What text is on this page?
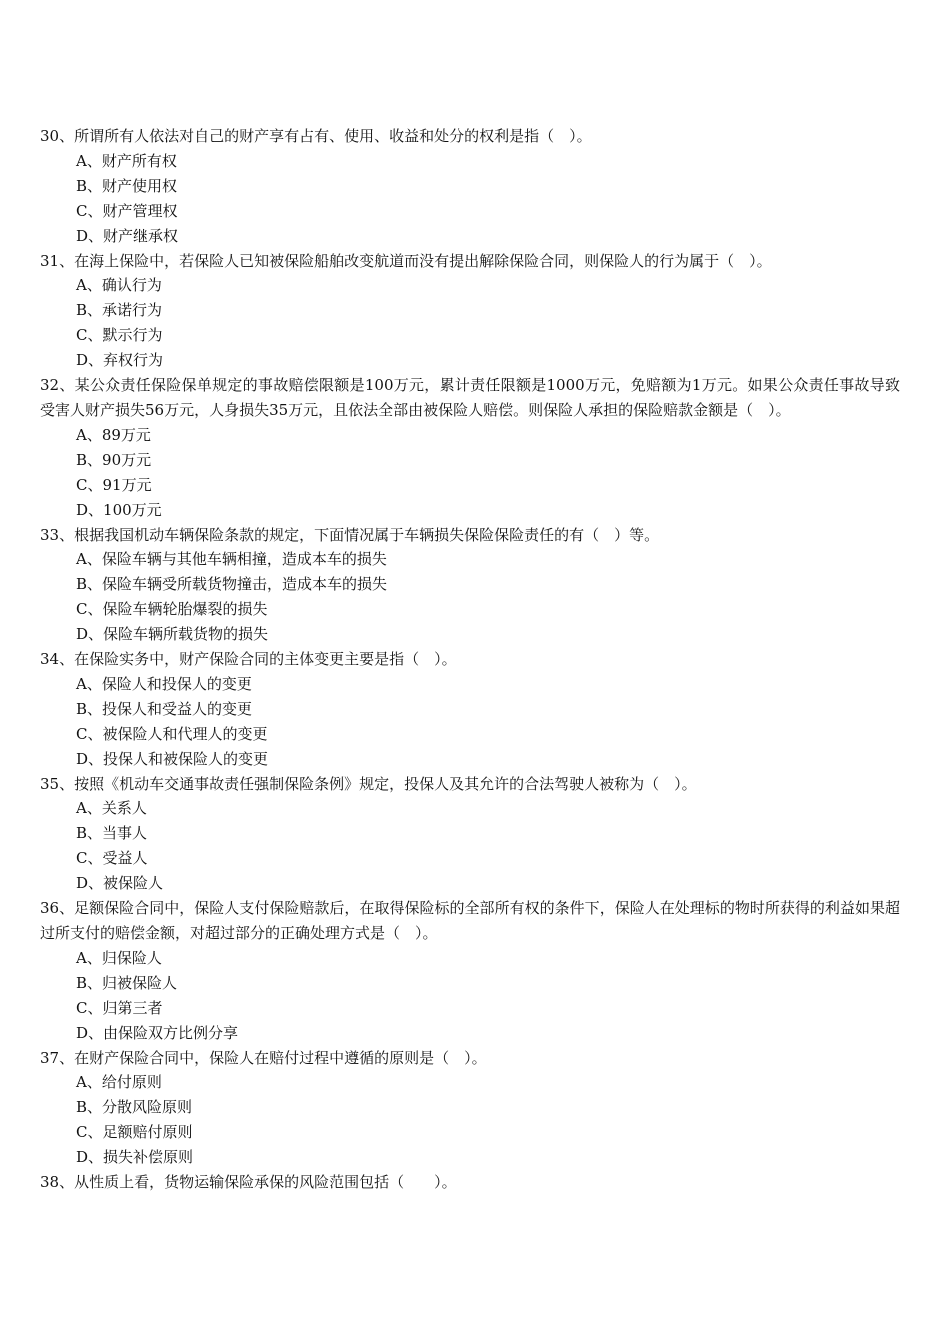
30、所谓所有人依法对自己的财产享有占有、使用、收益和处分的权利是指（　）。

A、财产所有权

B、财产使用权

C、财产管理权

D、财产继承权

31、在海上保险中，若保险人已知被保险船舶改变航道而没有提出解除保险合同，则保险人的行为属于（　）。

A、确认行为

B、承诺行为

C、默示行为

D、弃权行为

32、某公众责任保险保单规定的事故赔偿限额是100万元，累计责任限额是1000万元，免赔额为1万元。如果公众责任事故导致受害人财产损失56万元，人身损失35万元，且依法全部由被保险人赔偿。则保险人承担的保险赔款金额是（　）。

A、89万元

B、90万元

C、91万元

D、100万元

33、根据我国机动车辆保险条款的规定，下面情况属于车辆损失保险保险责任的有（　）等。

A、保险车辆与其他车辆相撞，造成本车的损失

B、保险车辆受所载货物撞击，造成本车的损失

C、保险车辆轮胎爆裂的损失

D、保险车辆所载货物的损失

34、在保险实务中，财产保险合同的主体变更主要是指（　）。

A、保险人和投保人的变更

B、投保人和受益人的变更

C、被保险人和代理人的变更

D、投保人和被保险人的变更

35、按照《机动车交通事故责任强制保险条例》规定，投保人及其允许的合法驾驶人被称为（　）。

A、关系人

B、当事人

C、受益人

D、被保险人

36、足额保险合同中，保险人支付保险赔款后，在取得保险标的全部所有权的条件下，保险人在处理标的物时所获得的利益如果超过所支付的赔偿金额，对超过部分的正确处理方式是（　）。

A、归保险人

B、归被保险人

C、归第三者

D、由保险双方比例分享

37、在财产保险合同中，保险人在赔付过程中遵循的原则是（　）。

A、给付原则

B、分散风险原则

C、足额赔付原则

D、损失补偿原则

38、从性质上看，货物运输保险承保的风险范围包括（　　）。
